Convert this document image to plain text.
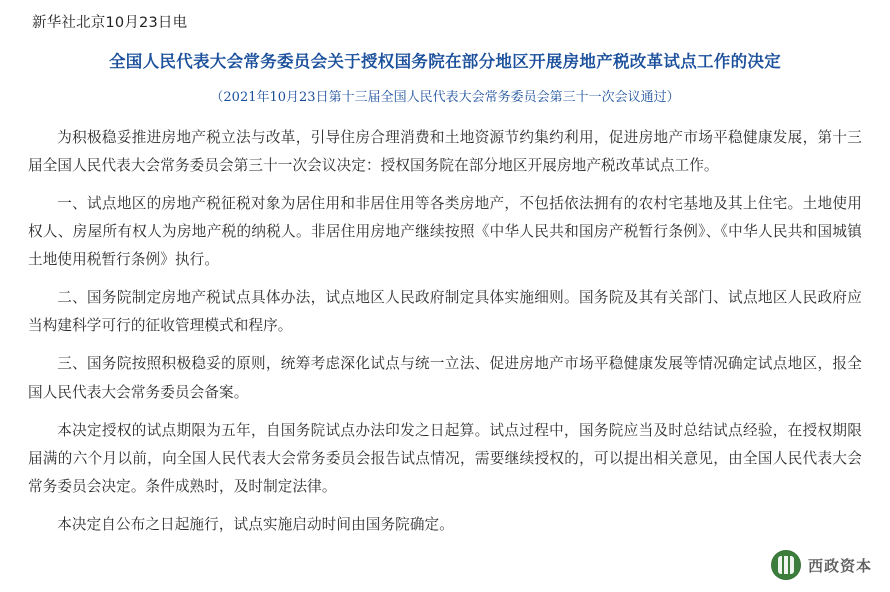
新华社北京10月23日电
全国人民代表大会常务委员会关于授权国务院在部分地区开展房地产税改革试点工作的决定
（2021年10月23日第十三届全国人民代表大会常务委员会第三十一次会议通过）

为积极稳妥推进房地产税立法与改革，引导住房合理消费和土地资源节约集约利用，促进房地产市场平稳健康发展，第十三届全国人民代表大会常务委员会第三十一次会议决定：授权国务院在部分地区开展房地产税改革试点工作。

一、试点地区的房地产税征税对象为居住用和非居住用等各类房地产，不包括依法拥有的农村宅基地及其上住宅。土地使用权人、房屋所有权人为房地产税的纳税人。非居住用房地产继续按照《中华人民共和国房产税暂行条例》、《中华人民共和国城镇土地使用税暂行条例》执行。

二、国务院制定房地产税试点具体办法，试点地区人民政府制定具体实施细则。国务院及其有关部门、试点地区人民政府应当构建科学可行的征收管理模式和程序。

三、国务院按照积极稳妥的原则，统筹考虑深化试点与统一立法、促进房地产市场平稳健康发展等情况确定试点地区，报全国人民代表大会常务委员会备案。

本决定授权的试点期限为五年，自国务院试点办法印发之日起算。试点过程中，国务院应当及时总结试点经验，在授权期限届满的六个月以前，向全国人民代表大会常务委员会报告试点情况，需要继续授权的，可以提出相关意见，由全国人民代表大会常务委员会决定。条件成熟时，及时制定法律。

本决定自公布之日起施行，试点实施启动时间由国务院确定。

西政资本
